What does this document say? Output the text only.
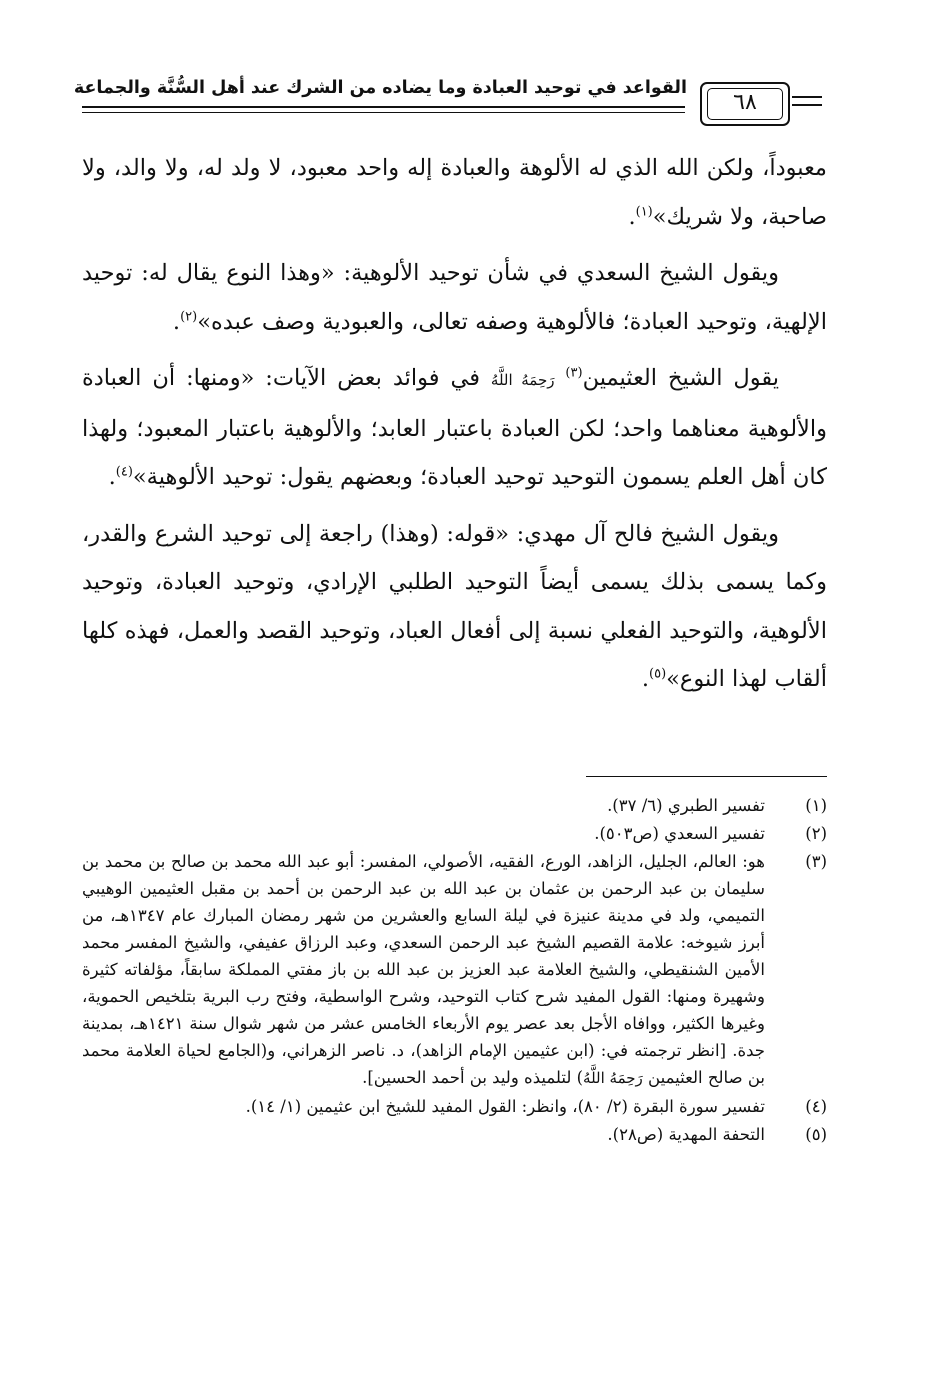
القواعد في توحيد العبادة وما يضاده من الشرك عند أهل السُّنَّة والجماعة
٦٨

معبوداً، ولكن الله الذي له الألوهة والعبادة إله واحد معبود، لا ولد له، ولا والد، ولا صاحبة، ولا شريك»$^{(١)}$.

ويقول الشيخ السعدي في شأن توحيد الألوهية: «وهذا النوع يقال له: توحيد الإلهية، وتوحيد العبادة؛ فالألوهية وصفه تعالى، والعبودية وصف عبده»$^{(٢)}$.

يقول الشيخ العثيمين$^{(٣)}$ رَحِمَهُ اللَّهُ في فوائد بعض الآيات: «ومنها: أن العبادة والألوهية معناهما واحد؛ لكن العبادة باعتبار العابد؛ والألوهية باعتبار المعبود؛ ولهذا كان أهل العلم يسمون التوحيد توحيد العبادة؛ وبعضهم يقول: توحيد الألوهية»$^{(٤)}$.

ويقول الشيخ فالح آل مهدي: «قوله: (وهذا) راجعة إلى توحيد الشرع والقدر، وكما يسمى بذلك يسمى أيضاً التوحيد الطلبي الإرادي، وتوحيد العبادة، وتوحيد الألوهية، والتوحيد الفعلي نسبة إلى أفعال العباد، وتوحيد القصد والعمل، فهذه كلها ألقاب لهذا النوع»$^{(٥)}$.

(١)
تفسير الطبري (٦/ ٣٧).
(٢)
تفسير السعدي (ص٥٠٣).
(٣)
هو: العالم، الجليل، الزاهد، الورع، الفقيه، الأصولي، المفسر: أبو عبد الله محمد بن صالح بن محمد بن سليمان بن عبد الرحمن بن عثمان بن عبد الله بن عبد الرحمن بن أحمد بن مقبل العثيمين الوهيبي التميمي، ولد في مدينة عنيزة في ليلة السابع والعشرين من شهر رمضان المبارك عام ١٣٤٧هـ، من أبرز شيوخه: علامة القصيم الشيخ عبد الرحمن السعدي، وعبد الرزاق عفيفي، والشيخ المفسر محمد الأمين الشنقيطي، والشيخ العلامة عبد العزيز بن عبد الله بن باز مفتي المملكة سابقاً، مؤلفاته كثيرة وشهيرة ومنها: القول المفيد شرح كتاب التوحيد، وشرح الواسطية، وفتح رب البرية بتلخيص الحموية، وغيرها الكثير، ووافاه الأجل بعد عصر يوم الأربعاء الخامس عشر من شهر شوال سنة ١٤٢١هـ، بمدينة جدة. [انظر ترجمته في: (ابن عثيمين الإمام الزاهد)، د. ناصر الزهراني، و(الجامع لحياة العلامة محمد بن صالح العثيمين رَحِمَهُ اللَّهُ) لتلميذه وليد بن أحمد الحسين].
(٤)
تفسير سورة البقرة (٢/ ٨٠)، وانظر: القول المفيد للشيخ ابن عثيمين (١/ ١٤).
(٥)
التحفة المهدية (ص٢٨).
